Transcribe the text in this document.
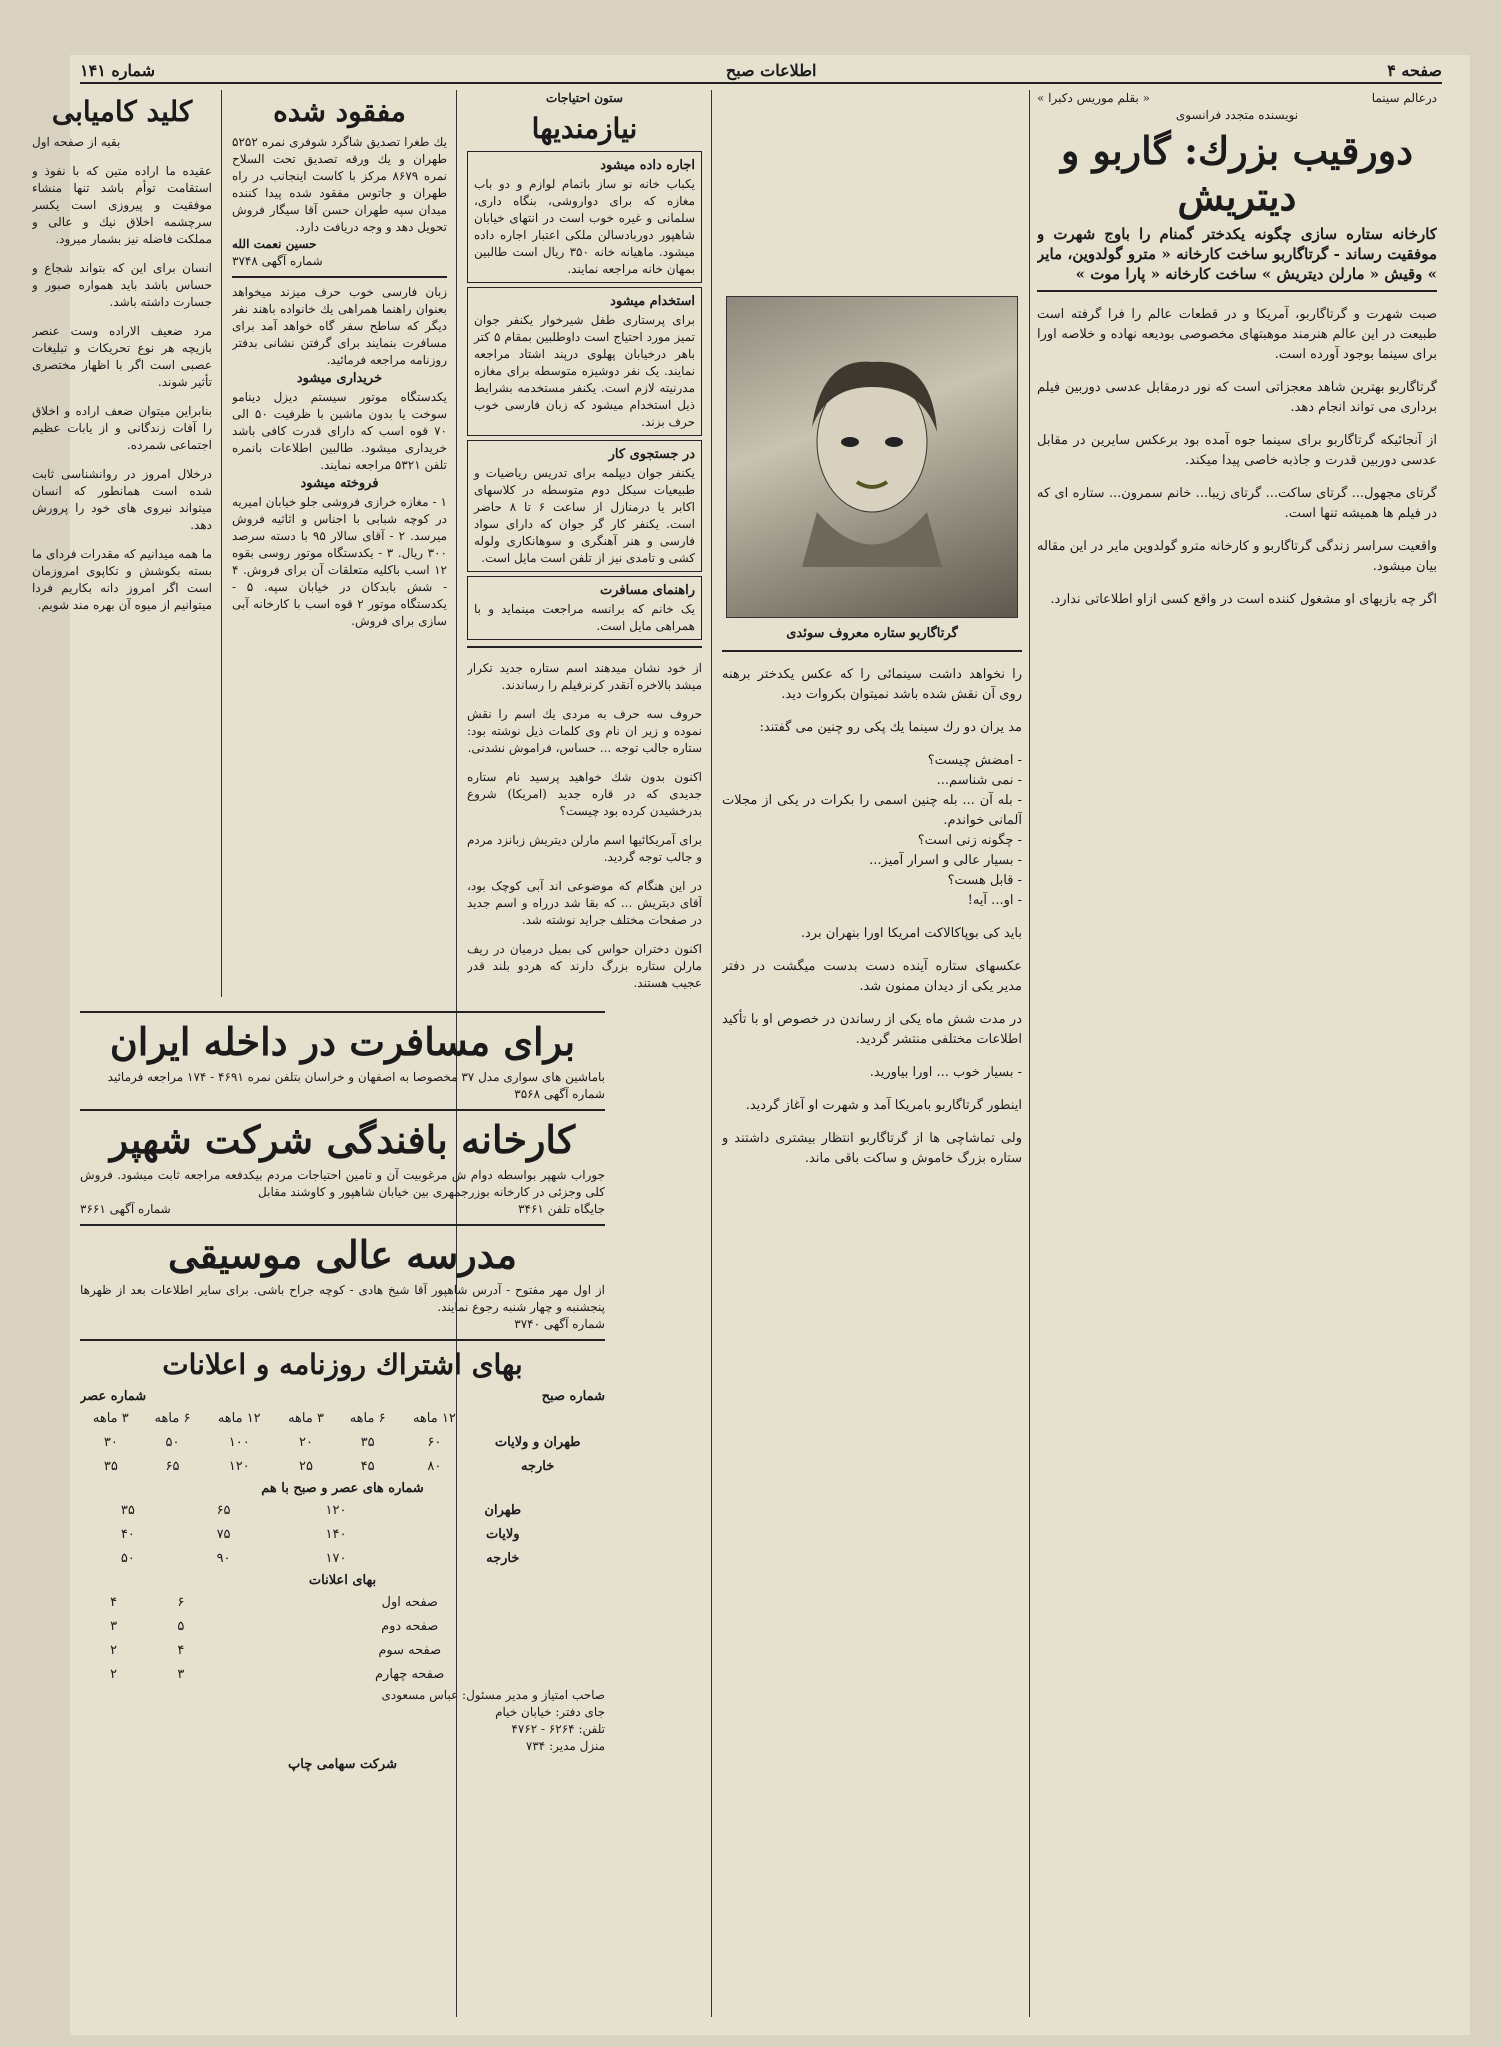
صفحه ۴
اطلاعات صبح
شماره ۱۴۱
درعالم سینما
« بقلم موریس دکبرا »
نویسنده متجدد فرانسوی
دورقیب بزرك: گاربو و دیتریش
کارخانه ستاره سازی چگونه یکدختر گمنام را باوج شهرت و موفقیت رساند - گرتاگاربو ساخت کارخانه « مترو گولدوین، مایر » وقیش « مارلن دیتریش » ساخت کارخانه « پارا موت »

صبت شهرت و گرتاگاربو، آمریکا و در قطعات عالم را فرا گرفته است طبیعت در این عالم هنرمند موهبتهای مخصوصی بودیعه نهاده و خلاصه اورا برای سینما بوجود آورده است.

گرتاگاربو بهترین شاهد معجزاتی است که نور درمقابل عدسی دوربین فیلم برداری می تواند انجام دهد.

از آنجائیکه گرتاگاربو برای سینما جوه آمده بود برعکس سایرین در مقابل عدسی دوربین قدرت و جاذبه خاصی پیدا میکند.

گرتای مجهول... گرتای ساکت... گرتای زیبا... خانم سمرون... ستاره ای که در فیلم ها همیشه تنها است.

واقعیت سراسر زندگی گرتاگاربو و کارخانه مترو گولدوین مایر در این مقاله بیان میشود.

اگر چه بازیهای او مشغول کننده است در واقع کسی ازاو اطلاعاتی ندارد.

گرتاگاربو ستاره معروف سوئدی

را نخواهد داشت سینمائی را که عکس یکدختر برهنه روی آن نقش شده باشد نمیتوان بکروات دید.

مد یران دو رك سینما یك پکی رو چنین می گفتند:

- امضش چیست؟
- نمی شناسم...
- بله آن ... بله چنین اسمی را بکرات در یکی از مجلات آلمانی خواندم.
- چگونه زنی است؟
- بسیار عالی و اسرار آمیز...
- قابل هست؟
- او... آیه!

باید کی بوپاکالاکت امریکا اورا بنهران برد.

عکسهای ستاره آینده دست بدست میگشت در دفتر مدیر یکی از دیدان ممنون شد.

در مدت شش ماه یکی از رساندن در خصوص او با تأکید اطلاعات مختلفی منتشر گردید.

- بسیار خوب ... اورا بیاورید.

اینطور گرتاگاربو بامریکا آمد و شهرت او آغاز گردید.

ولی تماشاچی ها از گرتاگاربو انتظار بیشتری داشتند و ستاره بزرگ خاموش و ساکت باقی ماند.

ستون احتیاجات
نیازمندیها
اجاره داده میشود
یکباب خانه نو ساز باتمام لوازم و دو باب مغازه که برای دواروشی، بنگاه داری، سلمانی و غیره خوب است در انتهای خیابان شاهپور دوربادسالن ملکی اعتبار اجاره داده میشود. ماهیانه خانه ۳۵۰ ریال است طالبین بمهان خانه مراجعه نمایند.
استخدام میشود
برای پرستاری طفل شیرخوار یکنفر جوان تمیز مورد احتیاج است داوطلبین بمقام ۵ کتر باهر درخیابان پهلوی درپند اشتاد مراجعه نمایند. یک نفر دوشیزه متوسطه برای مغازه مدرنیته لازم است. یکنفر مستخدمه بشرایط ذیل استخدام میشود که زبان فارسی خوب حرف بزند.
در جستجوی کار
یکنفر جوان دیپلمه برای تدریس ریاضیات و طبیعیات سیکل دوم متوسطه در کلاسهای اکابر یا درمنازل از ساعت ۶ تا ۸ حاضر است. یکنفر کار گر جوان که دارای سواد فارسی و هنر آهنگری و سوهانکاری ولوله کشی و تامدی نیز از تلفن است مایل است.
راهنمای مسافرت
یک خانم که برانسه مراجعت مینماید و با همراهی مایل است.

از خود نشان میدهند اسم ستاره جدید تکرار میشد بالاخره آنقدر کرنرفیلم را رساندند.

حروف سه حرف به مردی یك اسم را نقش نموده و زیر ان نام وی کلمات ذیل نوشته بود: ستاره جالب توجه ... حساس، فراموش نشدنی.

اکنون بدون شك خواهید پرسید نام ستاره جدیدی که در قاره جدید (امریکا) شروع بدرخشیدن کرده بود چیست؟

برای آمریکائیها اسم مارلن دیتریش زبانزد مردم و جالب توجه گردید.

در این هنگام که موضوعی اند آبی کوچک بود، آقای دیتریش ... که بقا شد درراه و اسم جدید در صفحات مختلف جراید نوشته شد.

اکنون دختران حواس کی بمیل درمیان در ریف مارلن ستاره بزرگ دارند که هردو بلند قدر عجیب هستند.

مفقود شده
یك طغرا تصدیق شاگرد شوفری نمره ۵۲۵۲ طهران و یك ورقه تصدیق تحت السلاح نمره ۸۶۷۹ مرکز با کاست اینجانب در راه طهران و جاتوس مفقود شده پیدا کننده میدان سپه طهران حسن آقا سیگار فروش تحویل دهد و وجه دریافت دارد.
حسین نعمت الله
شماره آگهی ۳۷۴۸
زبان فارسی خوب حرف میزند میخواهد بعنوان راهنما همراهی یك خانواده باهند نفر دیگر که ساطح سفر گاه خواهد آمد برای مسافرت بنمایند برای گرفتن نشانی بدفتر روزنامه مراجعه فرمائید.
خریداری میشود
یکدستگاه موتور سیستم دیزل دینامو سوخت یا بدون ماشین با ظرفیت ۵۰ الی ۷۰ قوه اسب که دارای قدرت کافی باشد خریداری میشود. طالبین اطلاعات بانمره تلفن ۵۳۲۱ مراجعه نمایند.
فروخته میشود
۱ - مغازه خرازی فروشی جلو خیابان امیریه در کوچه شبابی با اجناس و اثاثیه فروش میرسد. ۲ - آقای سالار ۹۵ با دسته سرصد ۳۰۰ ریال. ۳ - یکدستگاه موتور روسی بقوه ۱۲ اسب باکلیه متعلقات آن برای فروش. ۴ - شش بابدکان در خیابان سپه. ۵ - یکدستگاه موتور ۲ قوه اسب با کارخانه آبی سازی برای فروش.
کلید کامیابی
بقیه از صفحه اول

عقیده ما اراده متین که با نفوذ و استقامت توأم باشد تنها منشاء موفقیت و پیروزی است یکسر سرچشمه اخلاق نیك و عالی و مملکت فاضله نیز بشمار میرود.

انسان برای این که بتواند شجاع و حساس باشد باید همواره صبور و جسارت داشته باشد.

مرد ضعیف الاراده وست عنصر بازیچه هر نوع تحریکات و تبلیغات عصبی است اگر با اظهار مختصری تأثیر شوند.

بنابراین میتوان ضعف اراده و اخلاق را آفات زندگانی و از یابات عظیم اجتماعی شمرده.

درخلال امروز در روانشناسی ثابت شده است همانطور که انسان میتواند نیروی های خود را پرورش دهد.

ما همه میدانیم که مقدرات فردای ما بسته بکوشش و تکاپوی امروزمان است اگر امروز دانه بکاریم فردا میتوانیم از میوه آن بهره مند شویم.

برای مسافرت در داخله ایران
باماشین های سواری مدل ۳۷ مخصوصا به اصفهان و خراسان بتلفن نمره ۴۶۹۱ - ۱۷۴ مراجعه فرمائید
شماره آگهی ۳۵۶۸
کارخانه بافندگی شرکت شهپر
جوراب شهپر بواسطه دوام ش مرغوبیت آن و تامین احتیاجات مردم بیکدفعه مراجعه ثابت میشود. فروش کلی وجزئی در کارخانه بوزرجمهری بین خیابان شاهپور و کاوشند مقابل
جایگاه تلفن ۳۴۶۱
شماره آگهی ۳۶۶۱
مدرسه عالی موسیقی
از اول مهر مفتوح - آدرس شاهپور آقا شیخ هادی - کوچه جراح باشی. برای سایر اطلاعات بعد از ظهرها پنجشنبه و چهار شنبه رجوع نمایند.
شماره آگهی ۳۷۴۰
بهای اشتراك روزنامه و اعلانات
شماره صبح
شماره عصر
	۱۲ ماهه	۶ ماهه	۳ ماهه	۱۲ ماهه	۶ ماهه	۳ ماهه
طهران و ولایات	۶۰	۳۵	۲۰	۱۰۰	۵۰	۳۰
خارجه	۸۰	۴۵	۲۵	۱۲۰	۶۵	۳۵
شماره های عصر و صبح با هم
طهران	۱۲۰	۶۵	۳۵
ولایات	۱۴۰	۷۵	۴۰
خارجه	۱۷۰	۹۰	۵۰
بهای اعلانات
صفحه اول	۶	۴
صفحه دوم	۵	۳
صفحه سوم	۴	۲
صفحه چهارم	۳	۲
صاحب امتیاز و مدیر مسئول: عباس مسعودی
جای دفتر: خیابان خیام
تلفن: ۶۲۶۴ - ۴۷۶۲
منزل مدیر: ۷۳۴
شرکت سهامی چاپ
